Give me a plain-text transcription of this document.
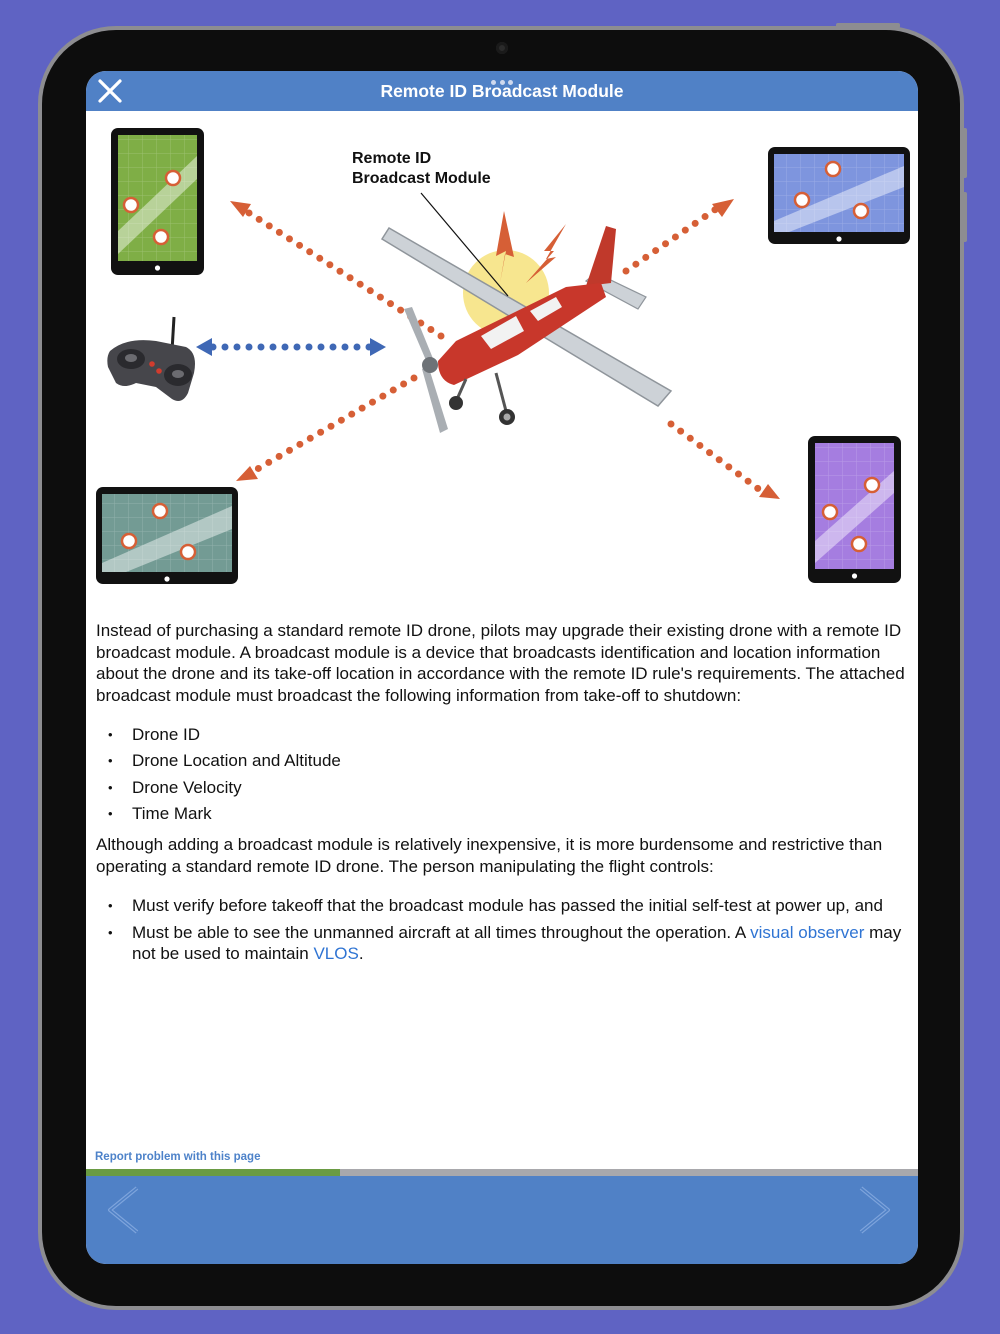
Remote ID Broadcast Module
Remote ID
Broadcast Module

Instead of purchasing a standard remote ID drone, pilots may upgrade their existing drone with a remote ID broadcast module. A broadcast module is a device that broadcasts identification and location information about the drone and its take-off location in accordance with the remote ID rule's requirements. The attached broadcast module must broadcast the following information from take-off to shutdown:

• Drone ID
• Drone Location and Altitude
• Drone Velocity
• Time Mark

Although adding a broadcast module is relatively inexpensive, it is more burdensome and restrictive than operating a standard remote ID drone. The person manipulating the flight controls:

• Must verify before takeoff that the broadcast module has passed the initial self-test at power up, and
• Must be able to see the unmanned aircraft at all times throughout the operation. A visual observer may not be used to maintain VLOS.
Report problem with this page
